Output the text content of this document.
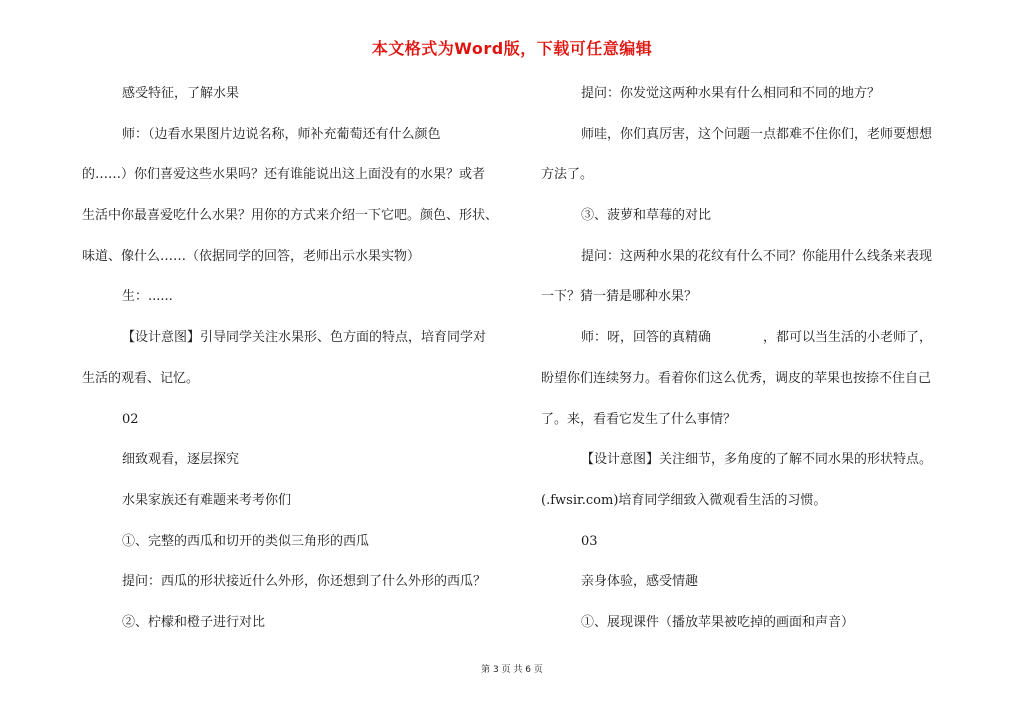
本文格式为Word版，下载可任意编辑
感受特征，了解水果
师：（边看水果图片边说名称，师补充葡萄还有什么颜色
的……）你们喜爱这些水果吗？还有谁能说出这上面没有的水果？或者
生活中你最喜爱吃什么水果？用你的方式来介绍一下它吧。颜色、形状、
味道、像什么……（依据同学的回答，老师出示水果实物）
生：......
【设计意图】引导同学关注水果形、色方面的特点，培育同学对
生活的观看、记忆。
02
细致观看，逐层探究
水果家族还有难题来考考你们
①、完整的西瓜和切开的类似三角形的西瓜
提问：西瓜的形状接近什么外形，你还想到了什么外形的西瓜？
②、柠檬和橙子进行对比
提问：你发觉这两种水果有什么相同和不同的地方？
师哇，你们真厉害，这个问题一点都难不住你们，老师要想想
方法了。
③、菠萝和草莓的对比
提问：这两种水果的花纹有什么不同？你能用什么线条来表现
一下？猜一猜是哪种水果？
师：呀，回答的真精确　　　　，都可以当生活的小老师了，
盼望你们连续努力。看着你们这么优秀，调皮的苹果也按捺不住自己
了。来，看看它发生了什么事情？
【设计意图】关注细节，多角度的了解不同水果的形状特点。
(.fwsir.com)培育同学细致入微观看生活的习惯。
03
亲身体验，感受情趣
①、展现课件（播放苹果被吃掉的画面和声音）
第 3 页 共 6 页
